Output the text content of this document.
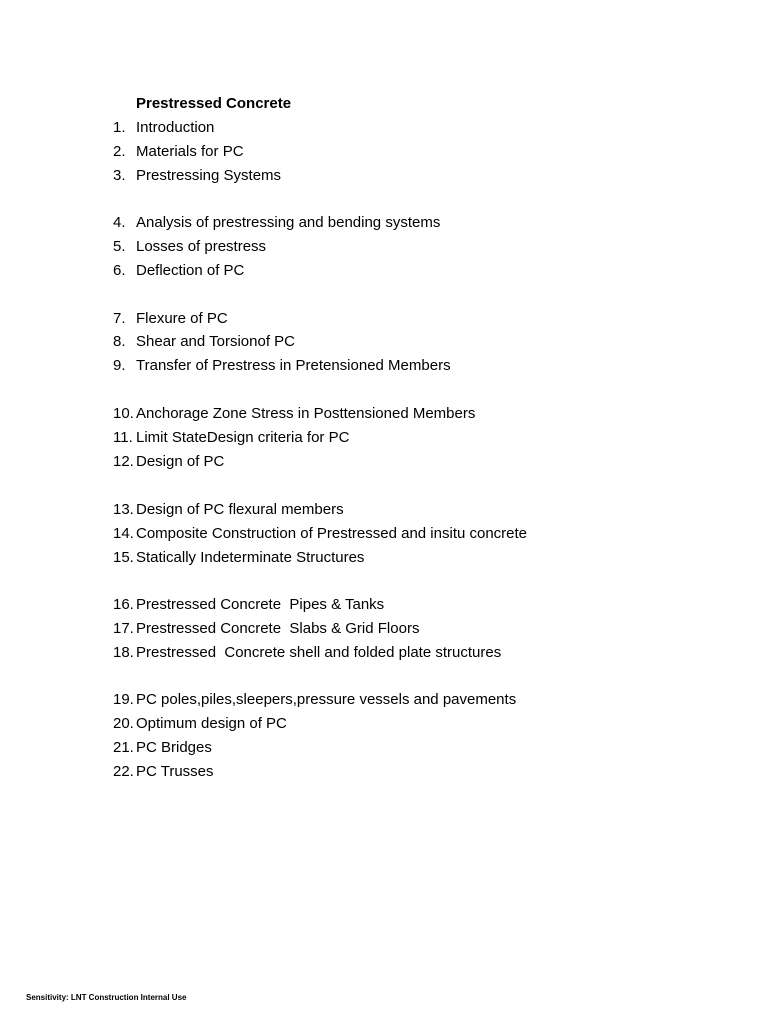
Prestressed Concrete
1. Introduction
2. Materials for PC
3. Prestressing Systems
4. Analysis of prestressing and bending systems
5. Losses of prestress
6. Deflection of PC
7. Flexure of PC
8. Shear and Torsionof PC
9. Transfer of Prestress in Pretensioned Members
10. Anchorage Zone Stress in Posttensioned Members
11. Limit StateDesign criteria for PC
12. Design of PC
13. Design of PC flexural members
14. Composite Construction of Prestressed and insitu concrete
15. Statically Indeterminate Structures
16. Prestressed Concrete  Pipes & Tanks
17. Prestressed Concrete  Slabs & Grid Floors
18. Prestressed  Concrete shell and folded plate structures
19. PC poles,piles,sleepers,pressure vessels and pavements
20. Optimum design of PC
21. PC Bridges
22. PC Trusses
Sensitivity: LNT Construction Internal Use
